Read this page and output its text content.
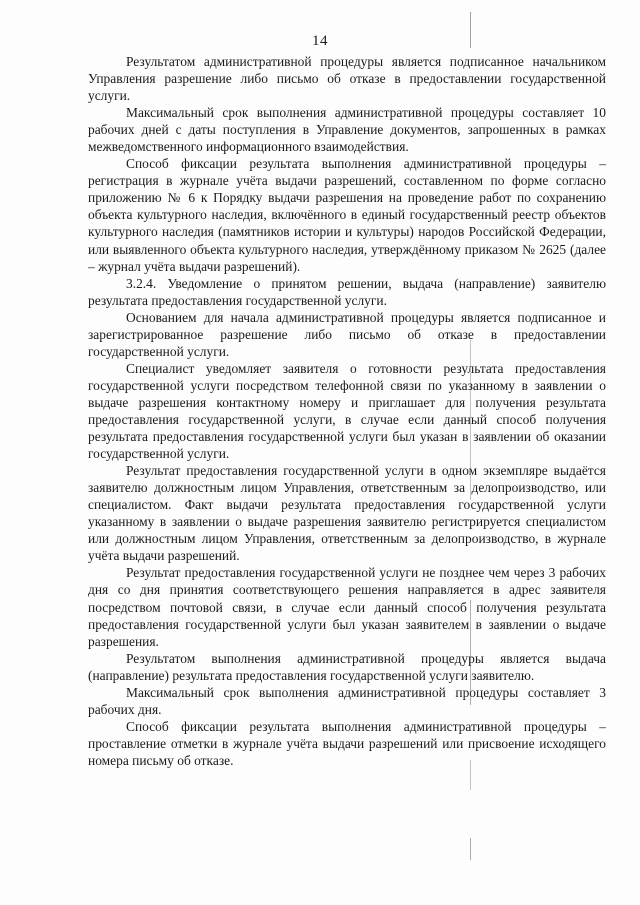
14

Результатом административной процедуры является подписанное начальником Управления разрешение либо письмо об отказе в предоставлении государственной услуги.

Максимальный срок выполнения административной процедуры составляет 10 рабочих дней с даты поступления в Управление документов, запрошенных в рамках межведомственного информационного взаимодействия.

Способ фиксации результата выполнения административной процедуры – регистрация в журнале учёта выдачи разрешений, составленном по форме согласно приложению № 6 к Порядку выдачи разрешения на проведение работ по сохранению объекта культурного наследия, включённого в единый государственный реестр объектов культурного наследия (памятников истории и культуры) народов Российской Федерации, или выявленного объекта культурного наследия, утверждённому приказом № 2625 (далее – журнал учёта выдачи разрешений).

3.2.4. Уведомление о принятом решении, выдача (направление) заявителю результата предоставления государственной услуги.

Основанием для начала административной процедуры является подписанное и зарегистрированное разрешение либо письмо об отказе в предоставлении государственной услуги.

Специалист уведомляет заявителя о готовности результата предоставления государственной услуги посредством телефонной связи по указанному в заявлении о выдаче разрешения контактному номеру и приглашает для получения результата предоставления государственной услуги, в случае если данный способ получения результата предоставления государственной услуги был указан в заявлении об оказании государственной услуги.

Результат предоставления государственной услуги в одном экземпляре выдаётся заявителю должностным лицом Управления, ответственным за делопроизводство, или специалистом. Факт выдачи результата предоставления государственной услуги указанному в заявлении о выдаче разрешения заявителю регистрируется специалистом или должностным лицом Управления, ответственным за делопроизводство, в журнале учёта выдачи разрешений.

Результат предоставления государственной услуги не позднее чем через 3 рабочих дня со дня принятия соответствующего решения направляется в адрес заявителя посредством почтовой связи, в случае если данный способ получения результата предоставления государственной услуги был указан заявителем в заявлении о выдаче разрешения.

Результатом выполнения административной процедуры является выдача (направление) результата предоставления государственной услуги заявителю.

Максимальный срок выполнения административной процедуры составляет 3 рабочих дня.

Способ фиксации результата выполнения административной процедуры – проставление отметки в журнале учёта выдачи разрешений или присвоение исходящего номера письму об отказе.
